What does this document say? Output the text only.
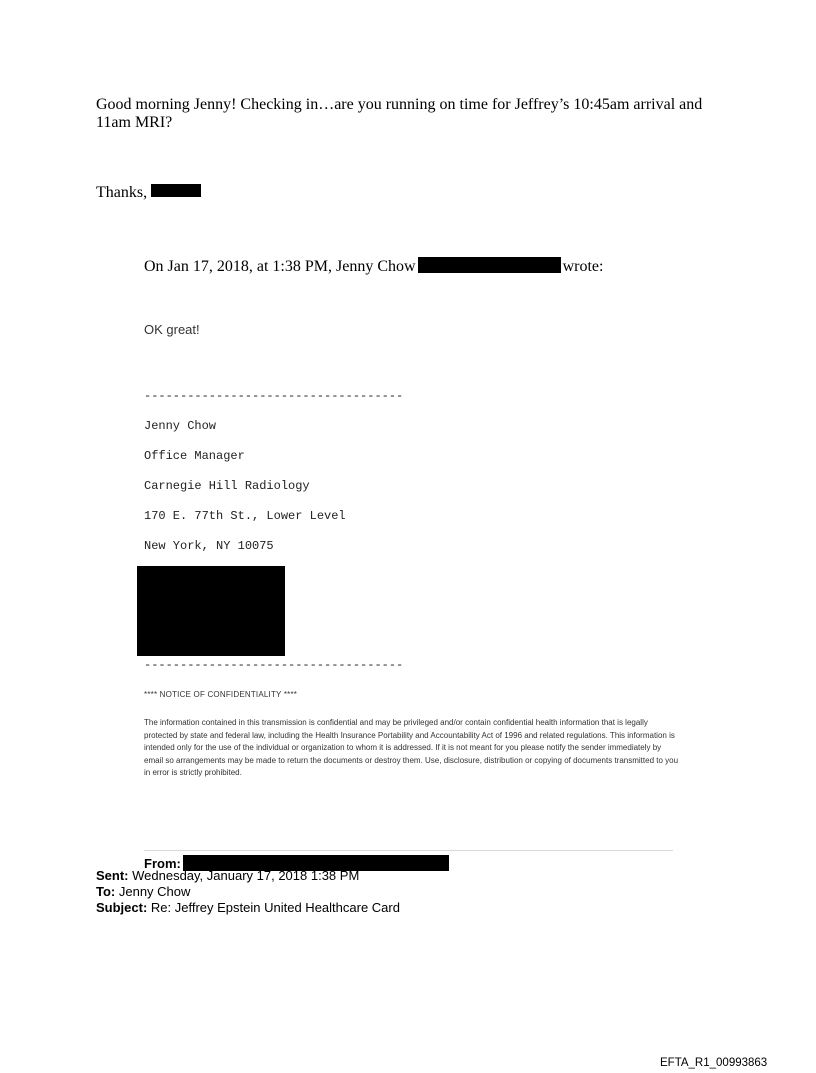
Good morning Jenny! Checking in…are you running on time for Jeffrey’s 10:45am arrival and 11am MRI?
Thanks,
On Jan 17, 2018, at 1:38 PM, Jenny Chow	wrote:
OK great!
------------------------------------
Jenny Chow
Office Manager
Carnegie Hill Radiology
170 E. 77th St., Lower Level
New York, NY 10075
------------------------------------
**** NOTICE OF CONFIDENTIALITY ****
The information contained in this transmission is confidential and may be privileged and/or contain confidential health information that is legally protected by state and federal law, including the Health Insurance Portability and Accountability Act of 1996 and related regulations. This information is intended only for the use of the individual or organization to whom it is addressed. If it is not meant for you please notify the sender immediately by email so arrangements may be made to return the documents or destroy them. Use, disclosure, distribution or copying of documents transmitted to you in error is strictly prohibited.
From:
Sent: Wednesday, January 17, 2018 1:38 PM
To: Jenny Chow
Subject: Re: Jeffrey Epstein United Healthcare Card
EFTA_R1_00993863
